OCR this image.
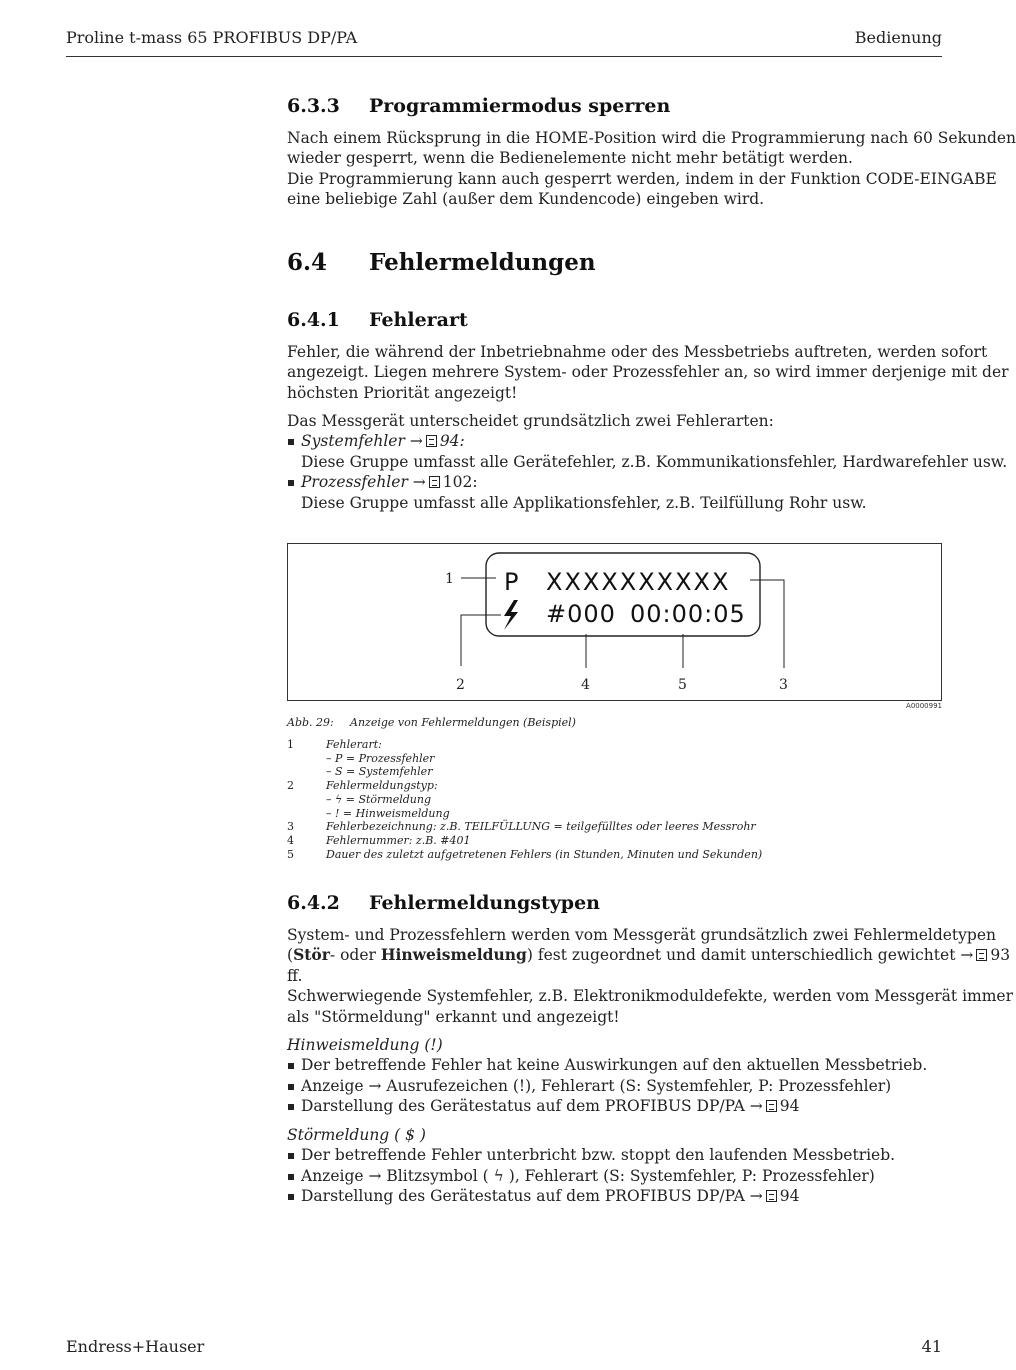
Proline t-mass 65 PROFIBUS DP/PA	Bedienung
6.3.3 Programmiermodus sperren
Nach einem Rücksprung in die HOME-Position wird die Programmierung nach 60 Sekunden
wieder gesperrt, wenn die Bedienelemente nicht mehr betätigt werden.
Die Programmierung kann auch gesperrt werden, indem in der Funktion CODE-EINGABE
eine beliebige Zahl (außer dem Kundencode) eingeben wird.
6.4 Fehlermeldungen
6.4.1 Fehlerart
Fehler, die während der Inbetriebnahme oder des Messbetriebs auftreten, werden sofort
angezeigt. Liegen mehrere System- oder Prozessfehler an, so wird immer derjenige mit der
höchsten Priorität angezeigt!
Das Messgerät unterscheidet grundsätzlich zwei Fehlerarten:
Systemfehler → 94:
Diese Gruppe umfasst alle Gerätefehler, z.B. Kommunikationsfehler, Hardwarefehler usw.
Prozessfehler → 102:
Diese Gruppe umfasst alle Applikationsfehler, z.B. Teilfüllung Rohr usw.
6.4.2 Fehlermeldungstypen
System- und Prozessfehlern werden vom Messgerät grundsätzlich zwei Fehlermeldetypen
(Stör- oder Hinweismeldung) fest zugeordnet und damit unterschiedlich gewichtet → 93
ff.
Schwerwiegende Systemfehler, z.B. Elektronikmoduldefekte, werden vom Messgerät immer
als "Störmeldung" erkannt und angezeigt!
Hinweismeldung (!)
Der betreffende Fehler hat keine Auswirkungen auf den aktuellen Messbetrieb.
Anzeige → Ausrufezeichen (!), Fehlerart (S: Systemfehler, P: Prozessfehler)
Darstellung des Gerätestatus auf dem PROFIBUS DP/PA → 94
Störmeldung ( $ )
Der betreffende Fehler unterbricht bzw. stoppt den laufenden Messbetrieb.
Anzeige → Blitzsymbol ( ϟ ), Fehlerart (S: Systemfehler, P: Prozessfehler)
Darstellung des Gerätestatus auf dem PROFIBUS DP/PA → 94
P XXXXXXXXXX
#000 00:00:05
1
2	4	5	3
A0000991
Abb. 29: Anzeige von Fehlermeldungen (Beispiel)
1	Fehlerart:
– P = Prozessfehler
– S = Systemfehler
2	Fehlermeldungstyp:
– ϟ = Störmeldung
– ! = Hinweismeldung
3	Fehlerbezeichnung: z.B. TEILFÜLLUNG = teilgefülltes oder leeres Messrohr
4	Fehlernummer: z.B. #401
5	Dauer des zuletzt aufgetretenen Fehlers (in Stunden, Minuten und Sekunden)
Endress+Hauser	41
